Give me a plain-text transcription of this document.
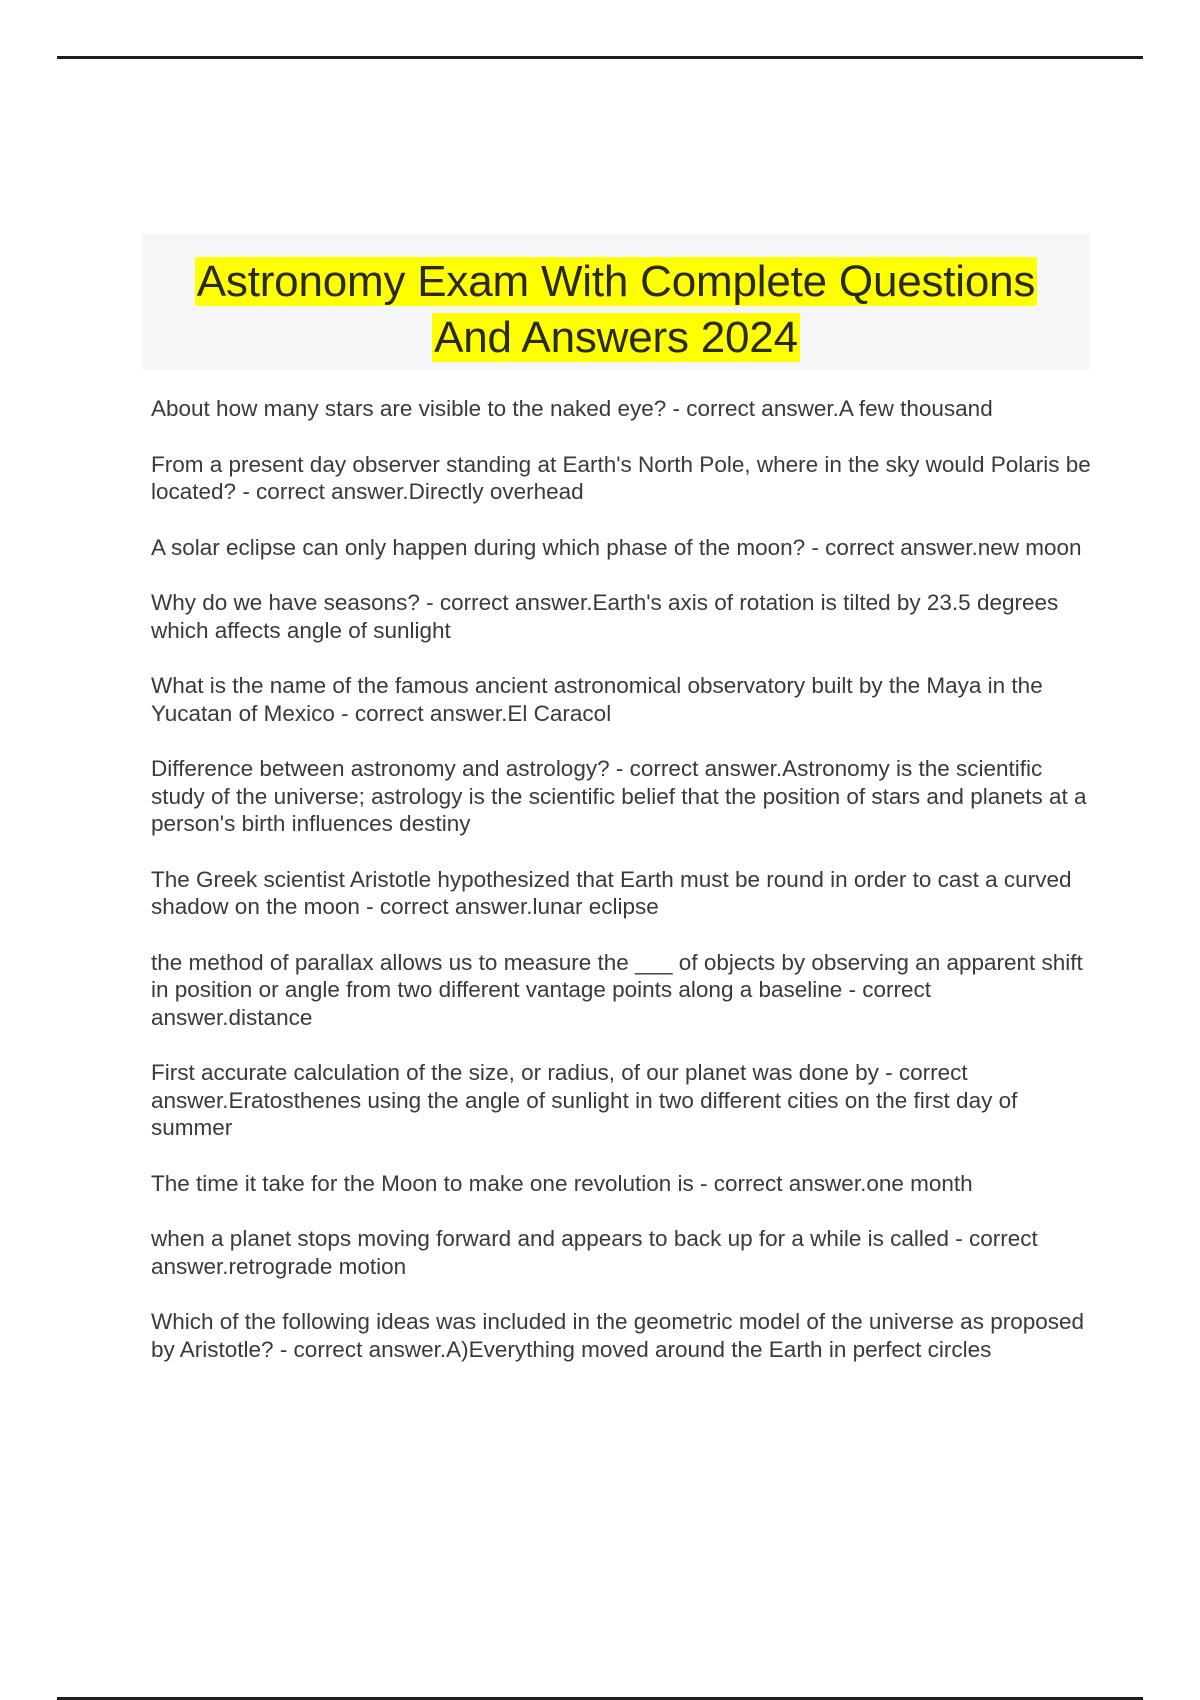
Astronomy Exam With Complete Questions
And Answers 2024

About how many stars are visible to the naked eye? - correct answer.A few thousand

From a present day observer standing at Earth's North Pole, where in the sky would Polaris be located? - correct answer.Directly overhead

A solar eclipse can only happen during which phase of the moon? - correct answer.new moon

Why do we have seasons? - correct answer.Earth's axis of rotation is tilted by 23.5 degrees which affects angle of sunlight

What is the name of the famous ancient astronomical observatory built by the Maya in the Yucatan of Mexico - correct answer.El Caracol

Difference between astronomy and astrology? - correct answer.Astronomy is the scientific study of the universe; astrology is the scientific belief that the position of stars and planets at a person's birth influences destiny

The Greek scientist Aristotle hypothesized that Earth must be round in order to cast a curved shadow on the moon - correct answer.lunar eclipse

the method of parallax allows us to measure the ___ of objects by observing an apparent shift in position or angle from two different vantage points along a baseline - correct answer.distance

First accurate calculation of the size, or radius, of our planet was done by - correct answer.Eratosthenes using the angle of sunlight in two different cities on the first day of summer

The time it take for the Moon to make one revolution is - correct answer.one month

when a planet stops moving forward and appears to back up for a while is called - correct answer.retrograde motion

Which of the following ideas was included in the geometric model of the universe as proposed by Aristotle? - correct answer.A)Everything moved around the Earth in perfect circles
